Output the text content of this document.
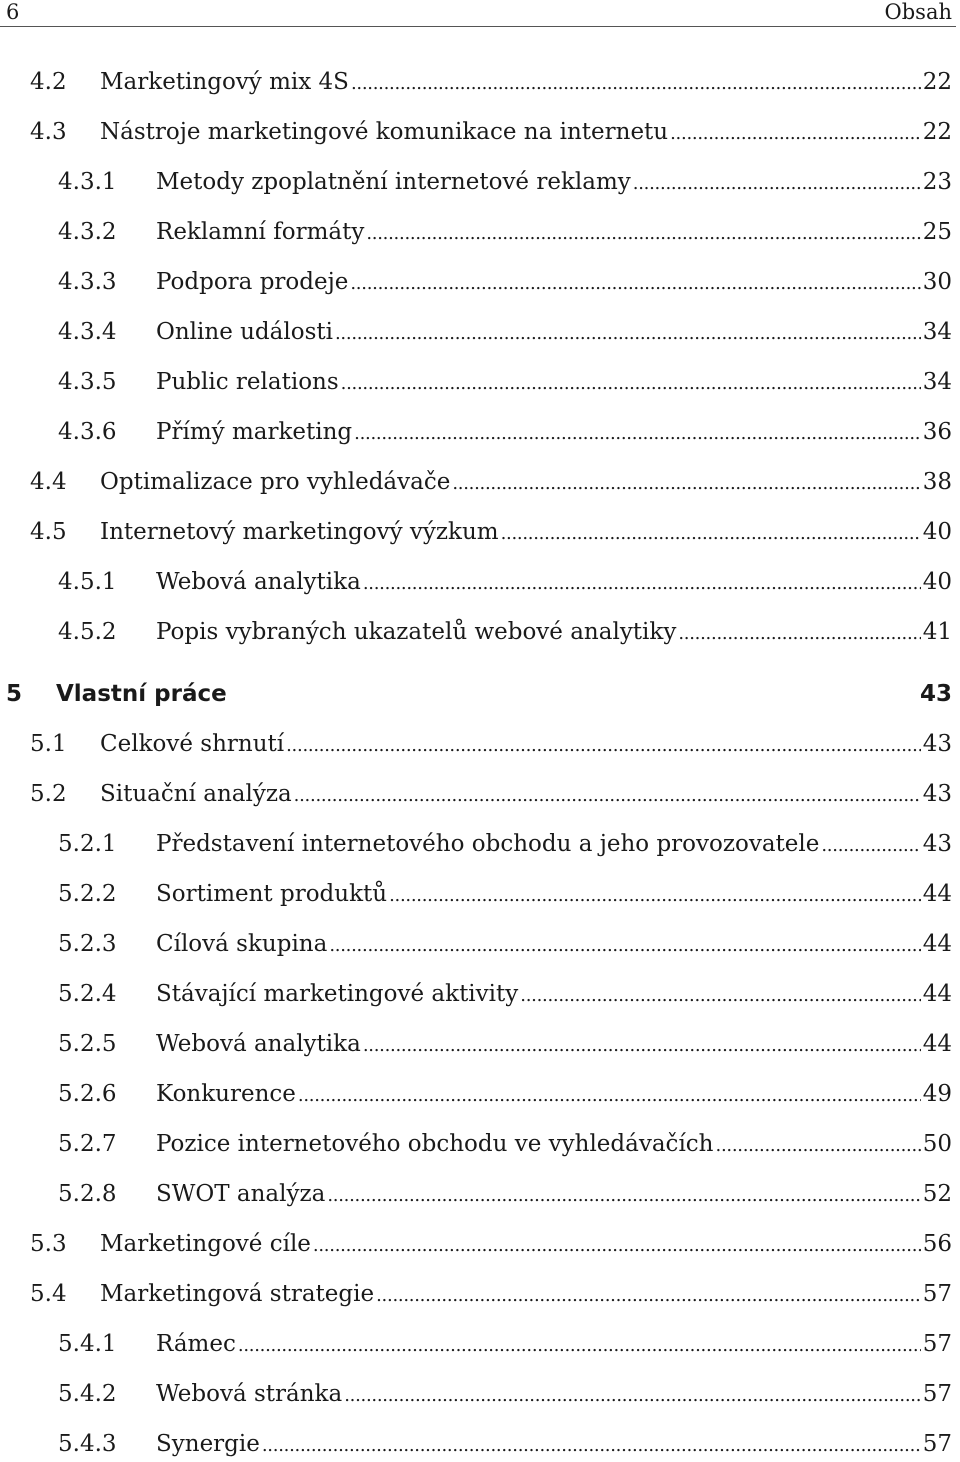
6	Obsah
4.2	Marketingový mix 4S . . .	22
4.3	Nástroje marketingové komunikace na internetu . . .	22
4.3.1	Metody zpoplatnění internetové reklamy . . .	23
4.3.2	Reklamní formáty . . .	25
4.3.3	Podpora prodeje . . .	30
4.3.4	Online události . . .	34
4.3.5	Public relations . . .	34
4.3.6	Přímý marketing . . .	36
4.4	Optimalizace pro vyhledávače . . .	38
4.5	Internetový marketingový výzkum . . .	40
4.5.1	Webová analytika . . .	40
4.5.2	Popis vybraných ukazatelů webové analytiky . . .	41
5	Vlastní práce	43
5.1	Celkové shrnutí . . .	43
5.2	Situační analýza . . .	43
5.2.1	Představení internetového obchodu a jeho provozovatele . . .	43
5.2.2	Sortiment produktů . . .	44
5.2.3	Cílová skupina . . .	44
5.2.4	Stávající marketingové aktivity . . .	44
5.2.5	Webová analytika . . .	44
5.2.6	Konkurence . . .	49
5.2.7	Pozice internetového obchodu ve vyhledávačích . . .	50
5.2.8	SWOT analýza . . .	52
5.3	Marketingové cíle . . .	56
5.4	Marketingová strategie . . .	57
5.4.1	Rámec . . .	57
5.4.2	Webová stránka . . .	57
5.4.3	Synergie . . .	57
